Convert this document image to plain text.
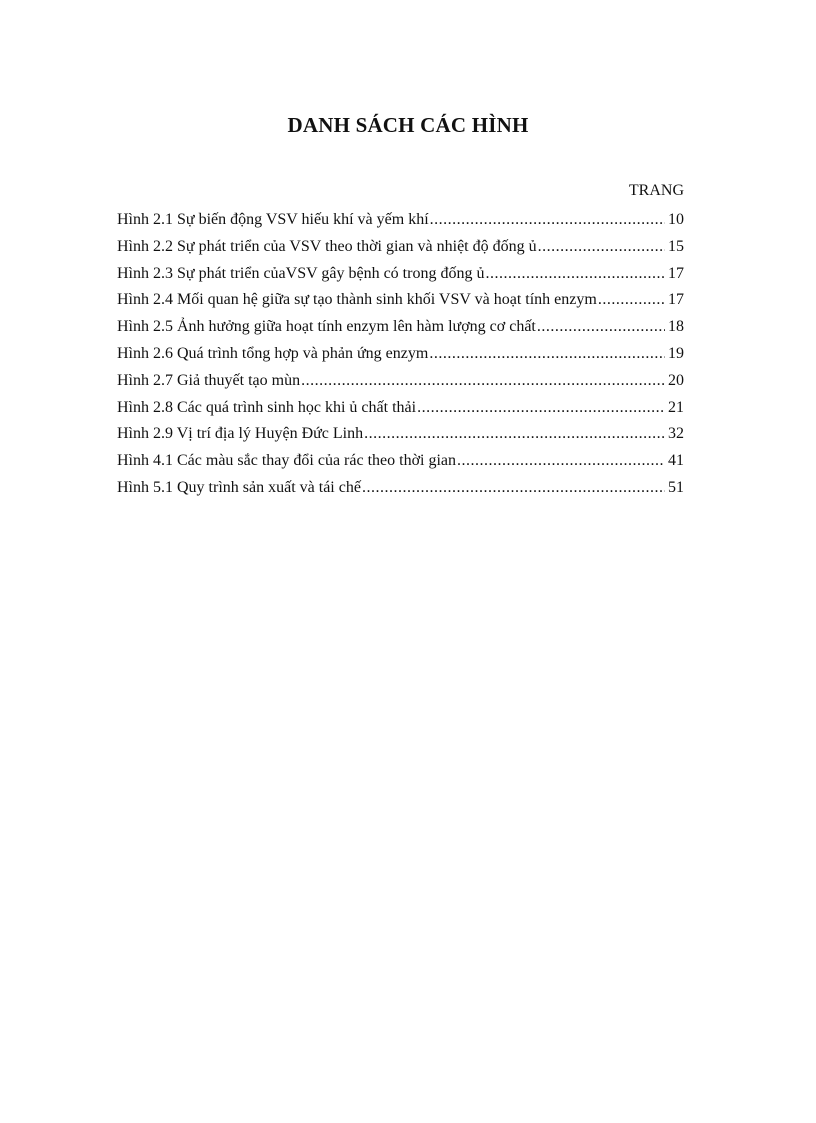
DANH SÁCH CÁC HÌNH
TRANG
Hình 2.1 Sự biến động VSV hiếu khí và yếm khí .....	10
Hình 2.2 Sự phát triển của VSV theo thời gian và nhiệt độ đống ủ .....	15
Hình 2.3 Sự phát triển củaVSV gây bệnh có trong đống ủ .....	17
Hình 2.4 Mối quan hệ giữa sự tạo thành sinh khối VSV và hoạt tính enzym .....	17
Hình 2.5 Ảnh hưởng giữa hoạt tính enzym lên hàm lượng cơ chất .....	18
Hình 2.6 Quá trình tổng hợp và phản ứng enzym .....	19
Hình 2.7 Giả thuyết tạo mùn .....	20
Hình 2.8 Các quá trình sinh học khi ủ chất thải .....	21
Hình 2.9 Vị trí địa lý Huyện Đức Linh .....	32
Hình 4.1 Các màu sắc thay đổi của rác theo thời gian .....	41
Hình 5.1 Quy trình sản xuất và tái chế .....	51
